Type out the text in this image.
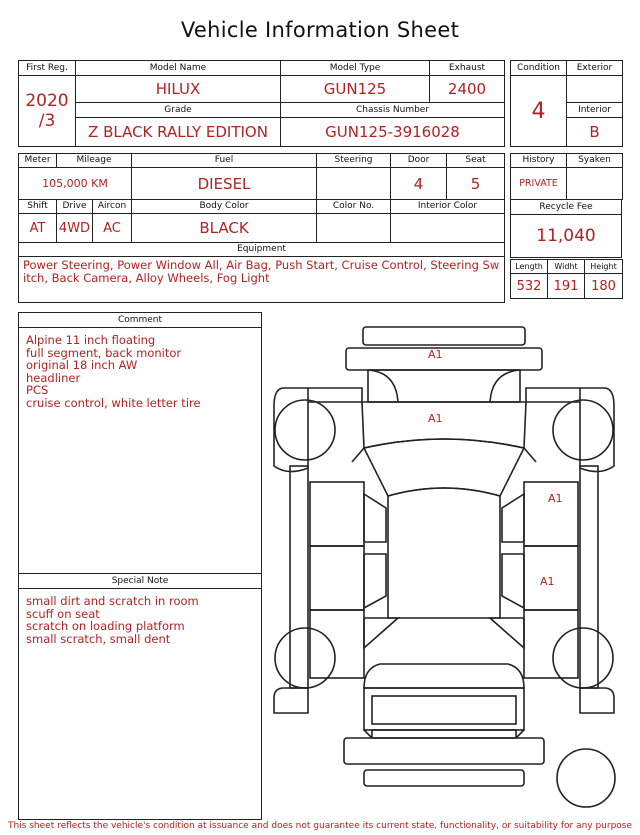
Vehicle Information Sheet
First Reg.	Model Name	Model Type	Exhaust

2020
/3	HILUX	GUN125	2400
	Grade	Chassis Number	
	Z BLACK RALLY EDITION	GUN125-3916028	
Condition	Exterior
4	
	Interior
	B
Meter	Mileage		Fuel	Steering	Door	Seat
105,000 KM			DIESEL		4	5
Shift	Drive	Aircon	Body Color	Color No.	Interior Color	
AT	4WD	AC	BLACK			
Equipment						

Power Steering, Power Window All, Air Bag, Push Start, Cruise Control, Steering Switch, Back Camera, Alloy Wheels, Fog Light						
History	Syaken
PRIVATE	
Recycle Fee
11,040
Length	Widht	Height
532	191	180
Comment
Alpine 11 inch floating
full segment, back monitor
original 18 inch AW
headliner
PCS
cruise control, white letter tire
Special Note
small dirt and scratch in room
scuff on seat
scratch on loading platform
small scratch, small dent
A1
A1
A1
A1
This sheet reflects the vehicle's condition at issuance and does not guarantee its current state, functionality, or suitability for any purpose
